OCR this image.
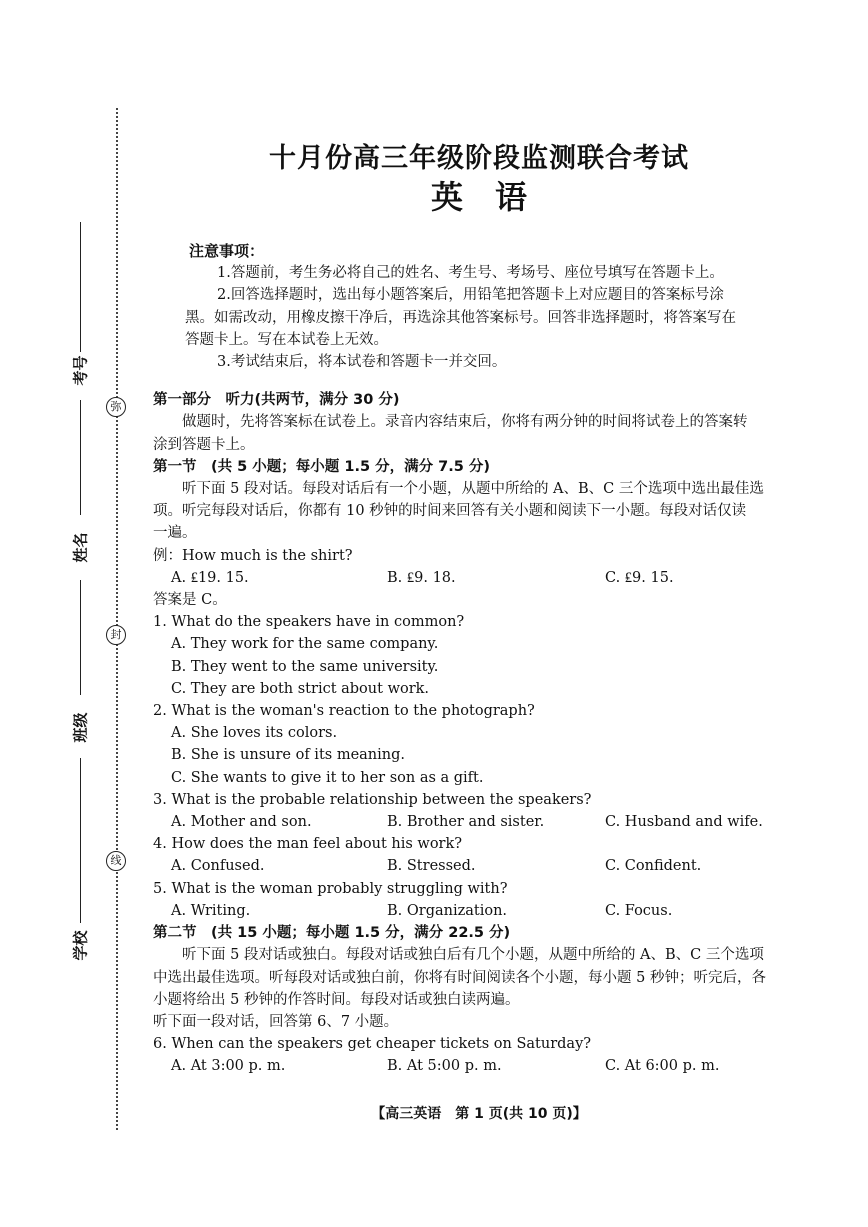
考号
姓名
班级
学校
弥
封
线
十月份高三年级阶段监测联合考试
英　语

注意事项：

1.答题前，考生务必将自己的姓名、考生号、考场号、座位号填写在答题卡上。

2.回答选择题时，选出每小题答案后，用铅笔把答题卡上对应题目的答案标号涂

黑。如需改动，用橡皮擦干净后，再选涂其他答案标号。回答非选择题时，将答案写在

答题卡上。写在本试卷上无效。

3.考试结束后，将本试卷和答题卡一并交回。

第一部分　听力(共两节，满分 30 分)

做题时，先将答案标在试卷上。录音内容结束后，你将有两分钟的时间将试卷上的答案转

涂到答题卡上。

第一节　(共 5 小题；每小题 1.5 分，满分 7.5 分)

听下面 5 段对话。每段对话后有一个小题，从题中所给的 A、B、C 三个选项中选出最佳选

项。听完每段对话后，你都有 10 秒钟的时间来回答有关小题和阅读下一小题。每段对话仅读

一遍。

例：How much is the shirt?

A. ₤19. 15.	B. ₤9. 18.	C. ₤9. 15.

答案是 C。

1. What do the speakers have in common?

A. They work for the same company.

B. They went to the same university.

C. They are both strict about work.

2. What is the woman's reaction to the photograph?

A. She loves its colors.

B. She is unsure of its meaning.

C. She wants to give it to her son as a gift.

3. What is the probable relationship between the speakers?

A. Mother and son.	B. Brother and sister.	C. Husband and wife.

4. How does the man feel about his work?

A. Confused.	B. Stressed.	C. Confident.

5. What is the woman probably struggling with?

A. Writing.	B. Organization.	C. Focus.

第二节　(共 15 小题；每小题 1.5 分，满分 22.5 分)

听下面 5 段对话或独白。每段对话或独白后有几个小题，从题中所给的 A、B、C 三个选项

中选出最佳选项。听每段对话或独白前，你将有时间阅读各个小题，每小题 5 秒钟；听完后，各

小题将给出 5 秒钟的作答时间。每段对话或独白读两遍。

听下面一段对话，回答第 6、7 小题。

6. When can the speakers get cheaper tickets on Saturday?

A. At 3:00 p. m.	B. At 5:00 p. m.	C. At 6:00 p. m.
【高三英语　第 1 页(共 10 页)】
